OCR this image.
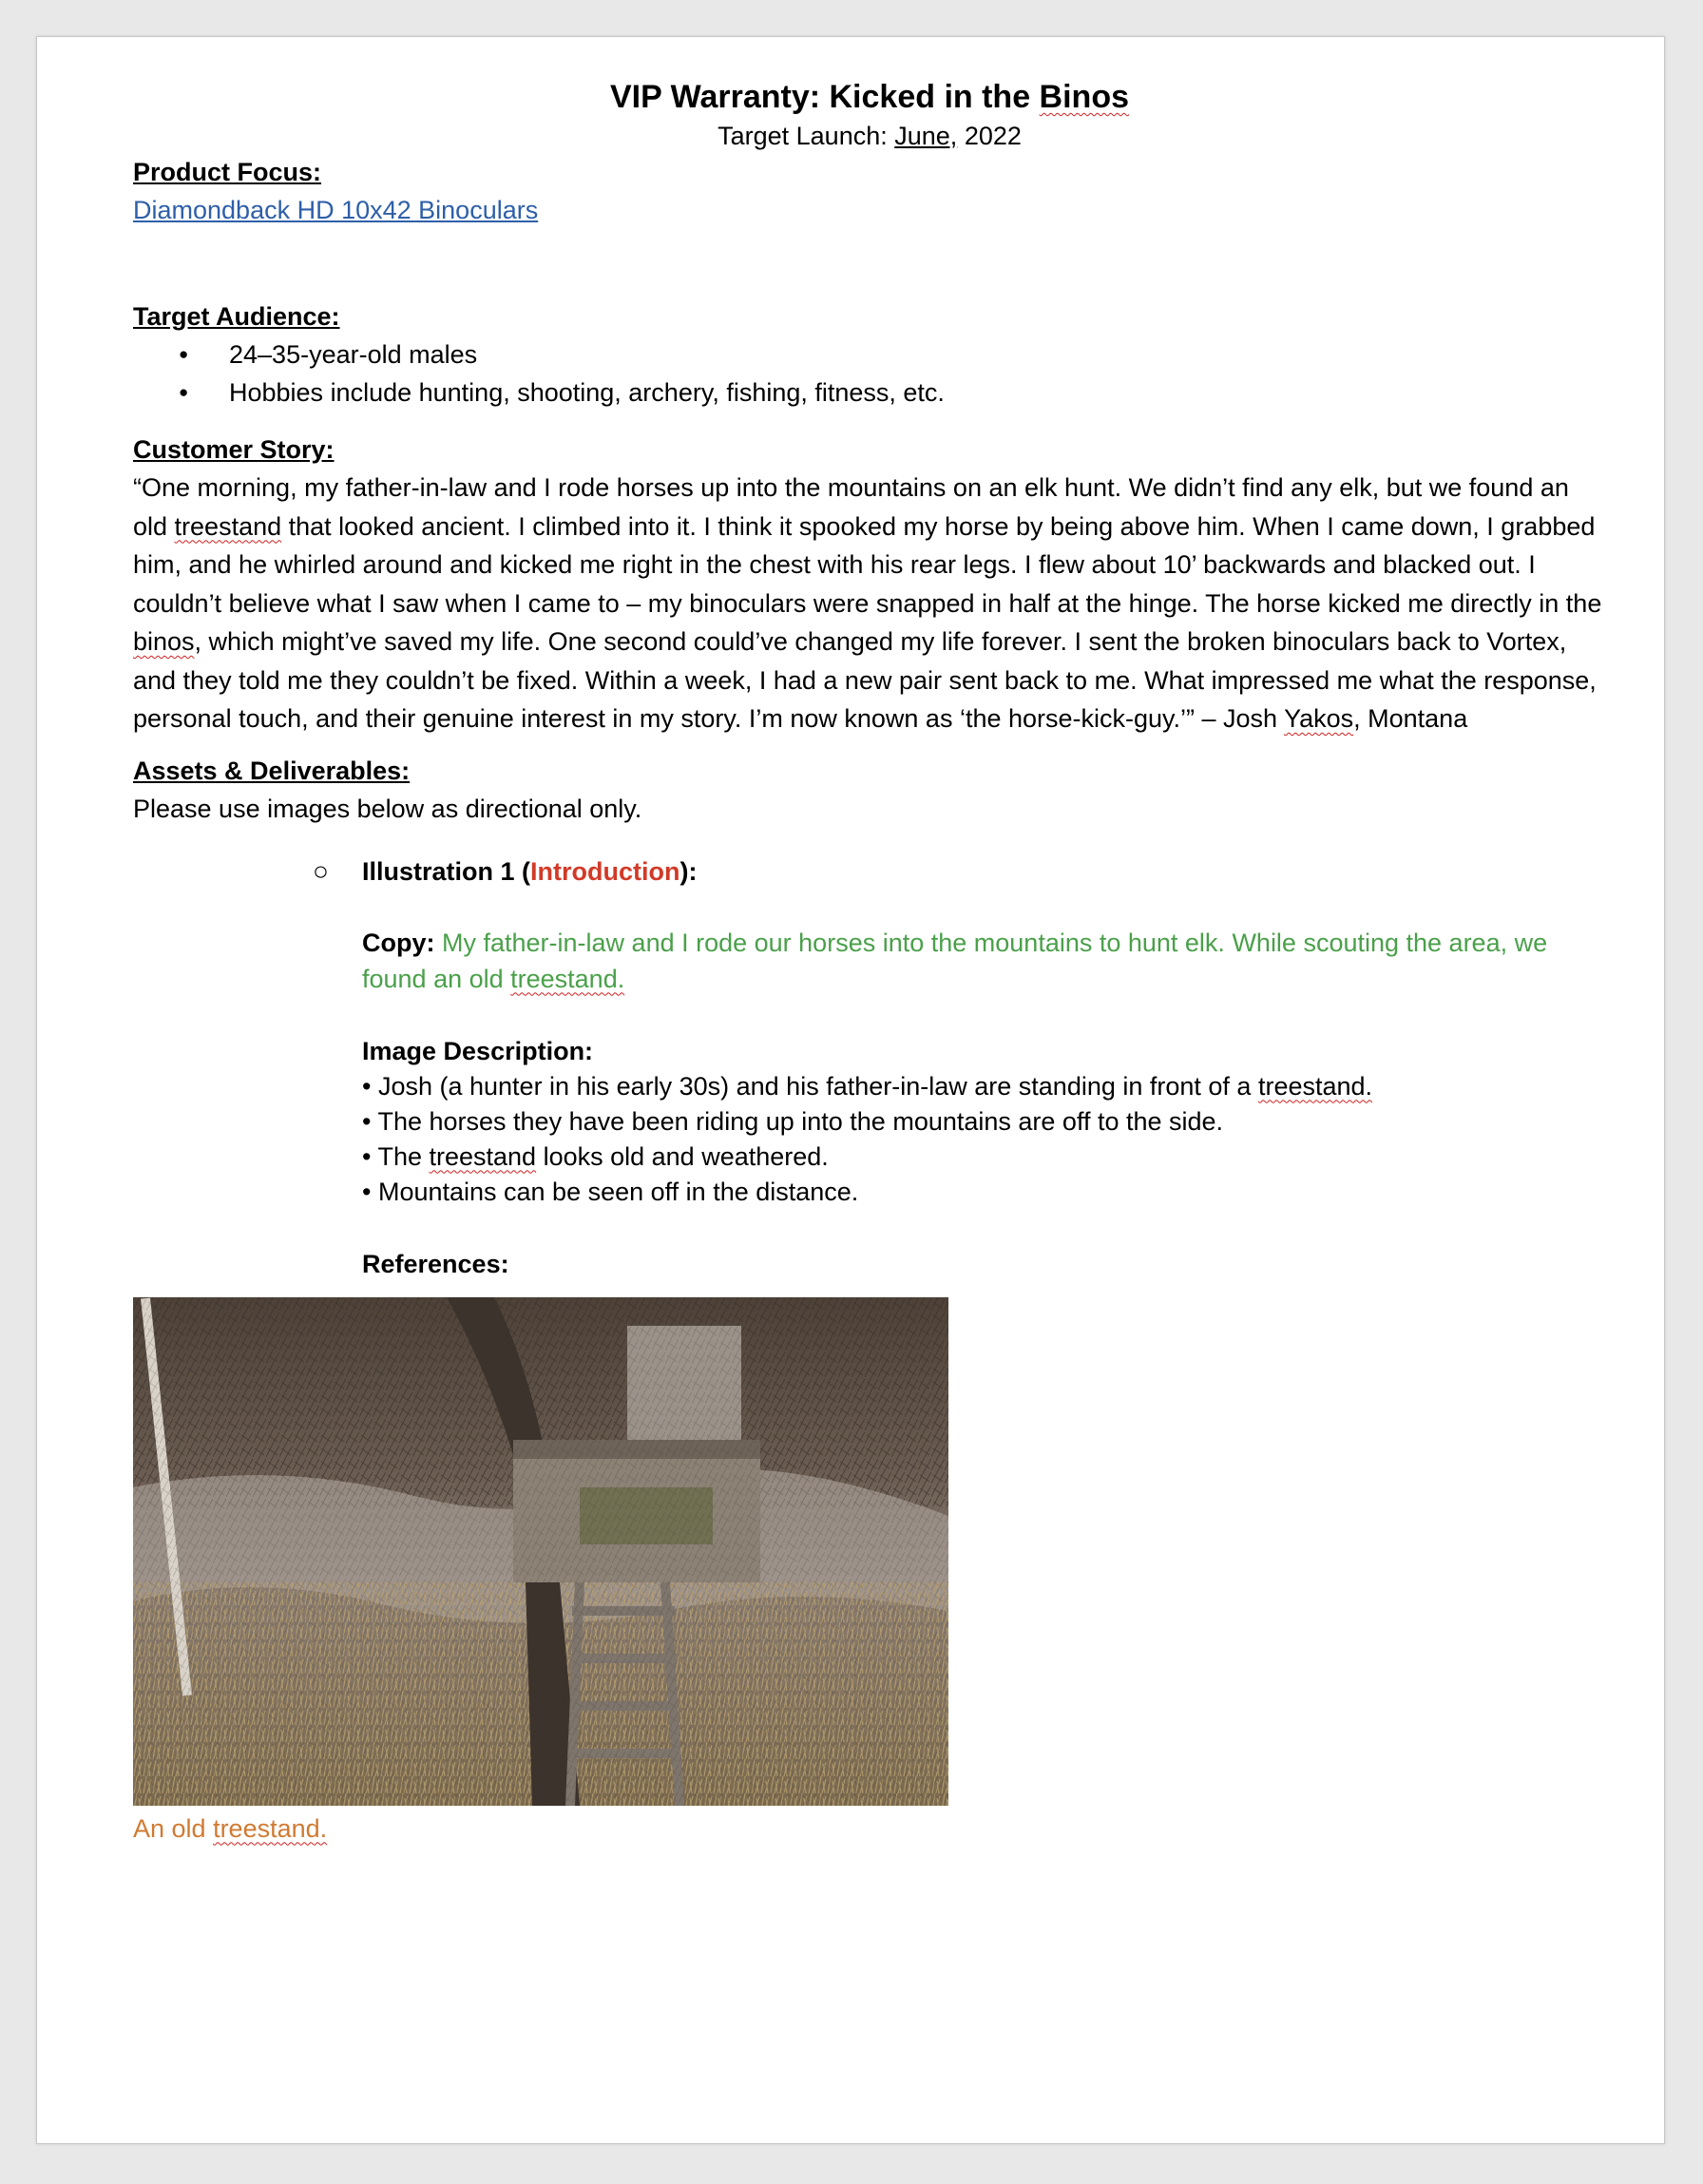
VIP Warranty: Kicked in the Binos
Target Launch: June, 2022
Product Focus:
Diamondback HD 10x42 Binoculars
Target Audience:
● 24–35-year-old males
● Hobbies include hunting, shooting, archery, fishing, fitness, etc.
Customer Story:
“One morning, my father-in-law and I rode horses up into the mountains on an elk hunt. We didn’t find any elk, but we found an old treestand that looked ancient. I climbed into it. I think it spooked my horse by being above him. When I came down, I grabbed him, and he whirled around and kicked me right in the chest with his rear legs. I flew about 10’ backwards and blacked out. I couldn’t believe what I saw when I came to – my binoculars were snapped in half at the hinge. The horse kicked me directly in the binos, which might’ve saved my life. One second could’ve changed my life forever. I sent the broken binoculars back to Vortex, and they told me they couldn’t be fixed. Within a week, I had a new pair sent back to me. What impressed me what the response, personal touch, and their genuine interest in my story. I’m now known as ‘the horse-kick-guy.’” – Josh Yakos, Montana
Assets & Deliverables:
Please use images below as directional only.
○ Illustration 1 (Introduction):
Copy: My father-in-law and I rode our horses into the mountains to hunt elk. While scouting the area, we found an old treestand.
Image Description:
• Josh (a hunter in his early 30s) and his father-in-law are standing in front of a treestand.
• The horses they have been riding up into the mountains are off to the side.
• The treestand looks old and weathered.
• Mountains can be seen off in the distance.
References:
An old treestand.
